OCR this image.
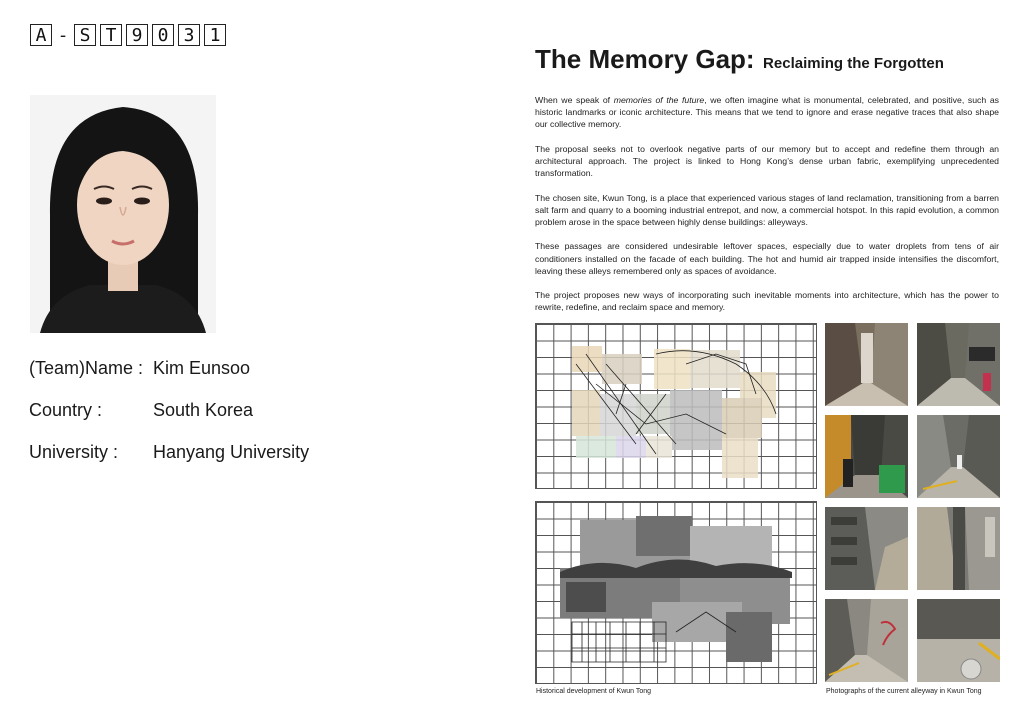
A - S T 9 0 3 1
(Team)Name : Kim Eunsoo
Country :	South Korea
University : Hanyang University
The Memory Gap: Reclaiming the Forgotten

When we speak of memories of the future, we often imagine what is monumental, celebrated, and positive, such as historic landmarks or iconic architecture. This means that we tend to ignore and erase negative traces that also shape our collective memory.

The proposal seeks not to overlook negative parts of our memory but to accept and redefine them through an architectural approach. The project is linked to Hong Kong’s dense urban fabric, exemplifying unprecedented transformation.

The chosen site, Kwun Tong, is a place that experienced various stages of land reclamation, transitioning from a barren salt farm and quarry to a booming industrial entrepot, and now, a commercial hotspot. In this rapid evolution, a common problem arose in the space between highly dense buildings: alleyways.

These passages are considered undesirable leftover spaces, especially due to water droplets from tens of air conditioners installed on the facade of each building. The hot and humid air trapped inside intensifies the discomfort, leaving these alleys remembered only as spaces of avoidance.

The project proposes new ways of incorporating such inevitable moments into architecture, which has the power to rewrite, redefine, and reclaim space and memory.

Historical development of Kwun Tong	Photographs of the current alleyway in Kwun Tong
